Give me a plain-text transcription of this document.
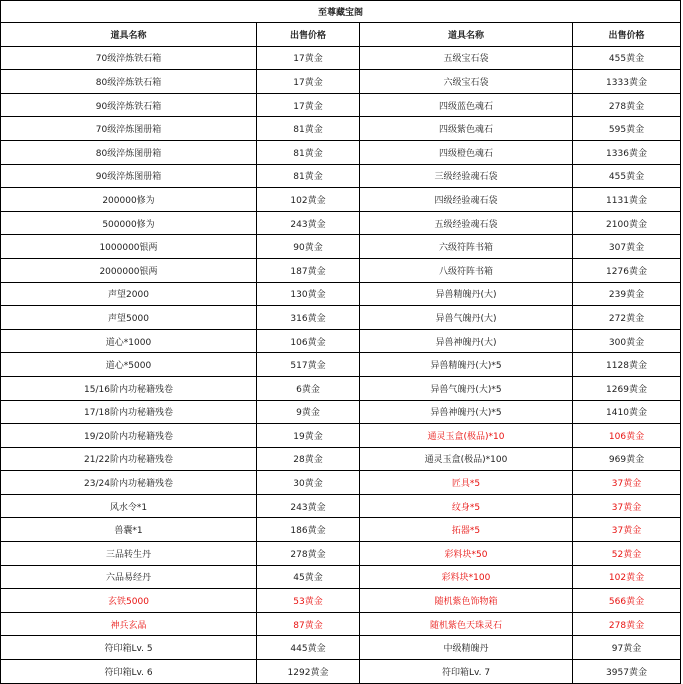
至尊藏宝阁			
道具名称	出售价格	道具名称	出售价格
70级淬炼铁石箱	17黄金	五级宝石袋	455黄金
80级淬炼铁石箱	17黄金	六级宝石袋	1333黄金
90级淬炼铁石箱	17黄金	四级蓝色魂石	278黄金
70级淬炼图册箱	81黄金	四级紫色魂石	595黄金
80级淬炼图册箱	81黄金	四级橙色魂石	1336黄金
90级淬炼图册箱	81黄金	三级经验魂石袋	455黄金
200000修为	102黄金	四级经验魂石袋	1131黄金
500000修为	243黄金	五级经验魂石袋	2100黄金
1000000银两	90黄金	六级符阵书箱	307黄金
2000000银两	187黄金	八级符阵书箱	1276黄金
声望2000	130黄金	异兽精魄丹(大)	239黄金
声望5000	316黄金	异兽气魄丹(大)	272黄金
道心*1000	106黄金	异兽神魄丹(大)	300黄金
道心*5000	517黄金	异兽精魄丹(大)*5	1128黄金
15/16阶内功秘籍残卷	6黄金	异兽气魄丹(大)*5	1269黄金
17/18阶内功秘籍残卷	9黄金	异兽神魄丹(大)*5	1410黄金
19/20阶内功秘籍残卷	19黄金	通灵玉盒(极品)*10	106黄金
21/22阶内功秘籍残卷	28黄金	通灵玉盒(极品)*100	969黄金
23/24阶内功秘籍残卷	30黄金	匠具*5	37黄金
风水令*1	243黄金	纹身*5	37黄金
兽囊*1	186黄金	拓器*5	37黄金
三品转生丹	278黄金	彩料块*50	52黄金
六品易经丹	45黄金	彩料块*100	102黄金
玄铁5000	53黄金	随机紫色饰物箱	566黄金
神兵玄晶	87黄金	随机紫色天珠灵石	278黄金
符印箱Lv. 5	445黄金	中级精魄丹	97黄金
符印箱Lv. 6	1292黄金	符印箱Lv. 7	3957黄金
